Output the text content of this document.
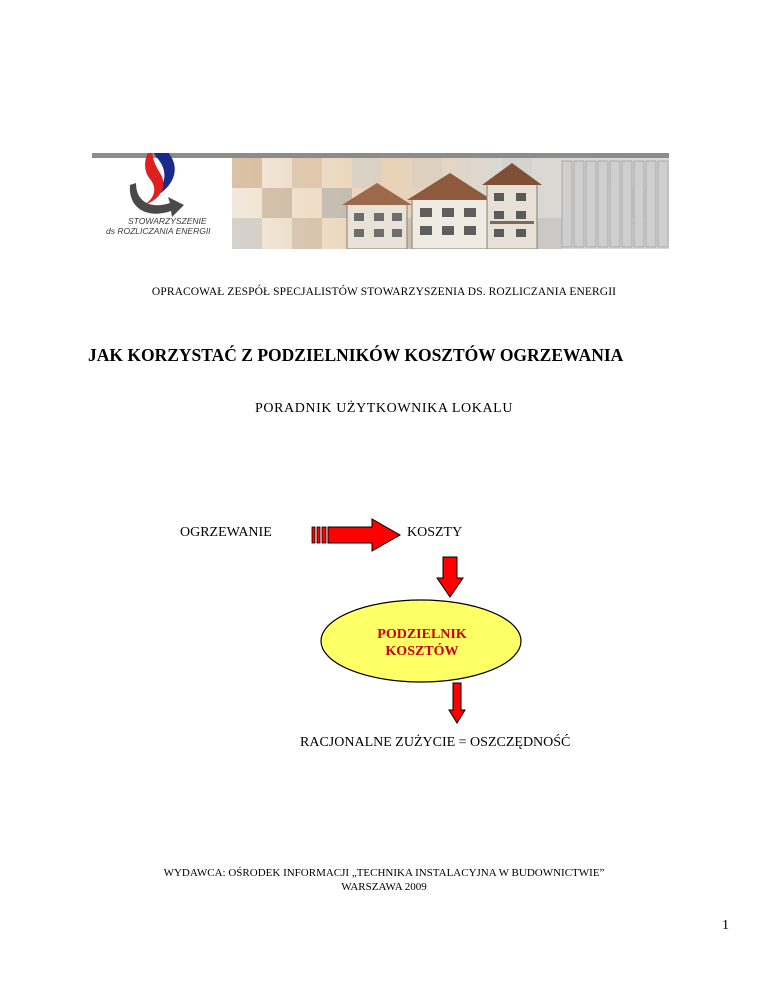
STOWARZYSZENIE
ds ROZLICZANIA ENERGII
OPRACOWAŁ ZESPÓŁ SPECJALISTÓW STOWARZYSZENIA DS. ROZLICZANIA ENERGII
JAK KORZYSTAĆ Z PODZIELNIKÓW KOSZTÓW OGRZEWANIA
PORADNIK UŻYTKOWNIKA LOKALU
OGRZEWANIE	KOSZTY
PODZIELNIK
KOSZTÓW
RACJONALNE ZUŻYCIE = OSZCZĘDNOŚĆ
WYDAWCA: OŚRODEK INFORMACJI „TECHNIKA INSTALACYJNA W BUDOWNICTWIE”
WARSZAWA 2009
1
